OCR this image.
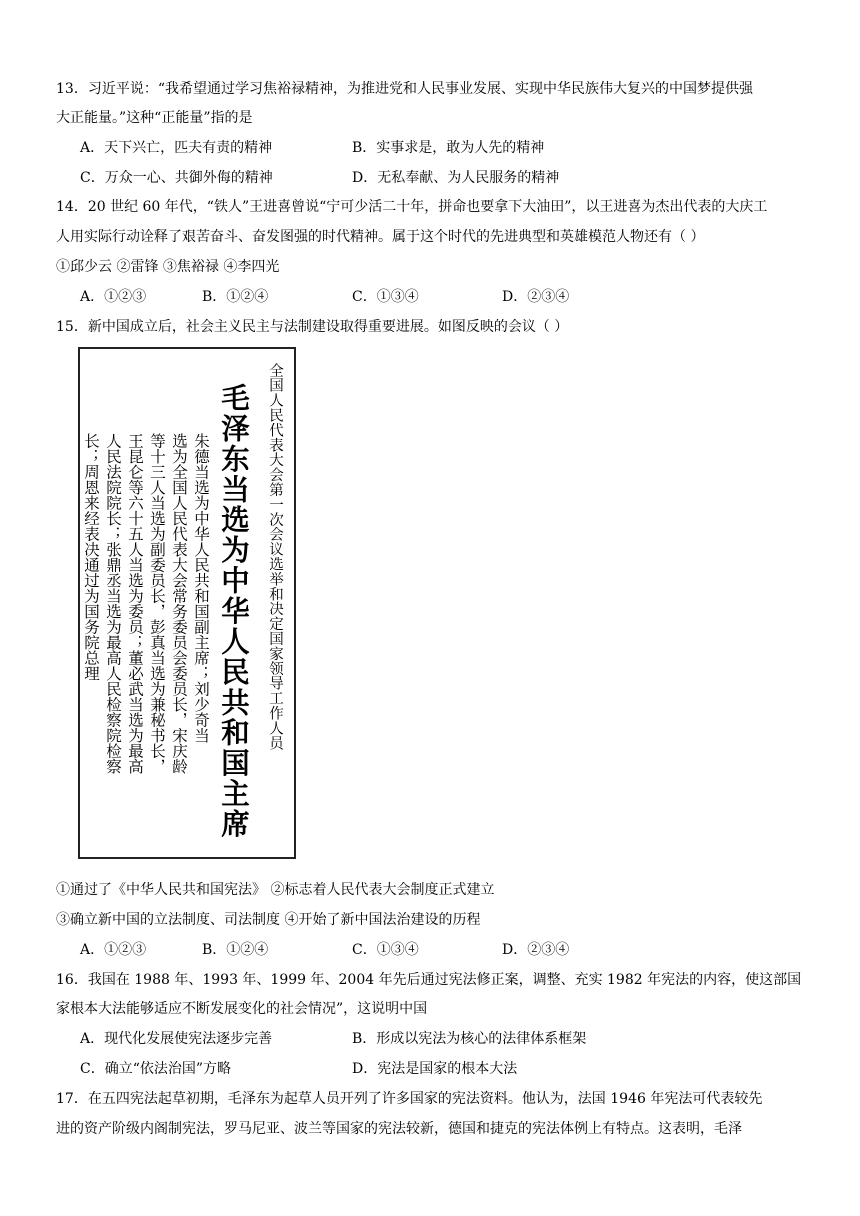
13．习近平说：“我希望通过学习焦裕禄精神，为推进党和人民事业发展、实现中华民族伟大复兴的中国梦提供强
大正能量。”这种“正能量”指的是
A．天下兴亡，匹夫有责的精神	B．实事求是，敢为人先的精神
C．万众一心、共御外侮的精神	D．无私奉献、为人民服务的精神
14．20 世纪 60 年代，“铁人”王进喜曾说“宁可少活二十年，拼命也要拿下大油田”，以王进喜为杰出代表的大庆工
人用实际行动诠释了艰苦奋斗、奋发图强的时代精神。属于这个时代的先进典型和英雄模范人物还有（ ）
①邱少云 ②雷锋 ③焦裕禄 ④李四光
A．①②③	B．①②④	C．①③④	D．②③④
15．新中国成立后，社会主义民主与法制建设取得重要进展。如图反映的会议（ ）
全国人民代表大会第一次会议选举和决定国家领导工作人员
毛泽东当选为中华人民共和国主席
朱德当选为中华人民共和国副主席；刘少奇当
选为全国人民代表大会常务委员会委员长，宋庆龄
等十三人当选为副委员长，彭真当选为兼秘书长，
王昆仑等六十五人当选为委员；董必武当选为最高
人民法院院长；张鼎丞当选为最高人民检察院检察
长；周恩来经表决通过为国务院总理
①通过了《中华人民共和国宪法》 ②标志着人民代表大会制度正式建立
③确立新中国的立法制度、司法制度 ④开始了新中国法治建设的历程
A．①②③	B．①②④	C．①③④	D．②③④
16．我国在 1988 年、1993 年、1999 年、2004 年先后通过宪法修正案，调整、充实 1982 年宪法的内容，使这部国
家根本大法能够适应不断发展变化的社会情况”，这说明中国
A．现代化发展使宪法逐步完善	B．形成以宪法为核心的法律体系框架
C．确立“依法治国”方略	D．宪法是国家的根本大法
17．在五四宪法起草初期，毛泽东为起草人员开列了许多国家的宪法资料。他认为，法国 1946 年宪法可代表较先
进的资产阶级内阁制宪法，罗马尼亚、波兰等国家的宪法较新，德国和捷克的宪法体例上有特点。这表明，毛泽
